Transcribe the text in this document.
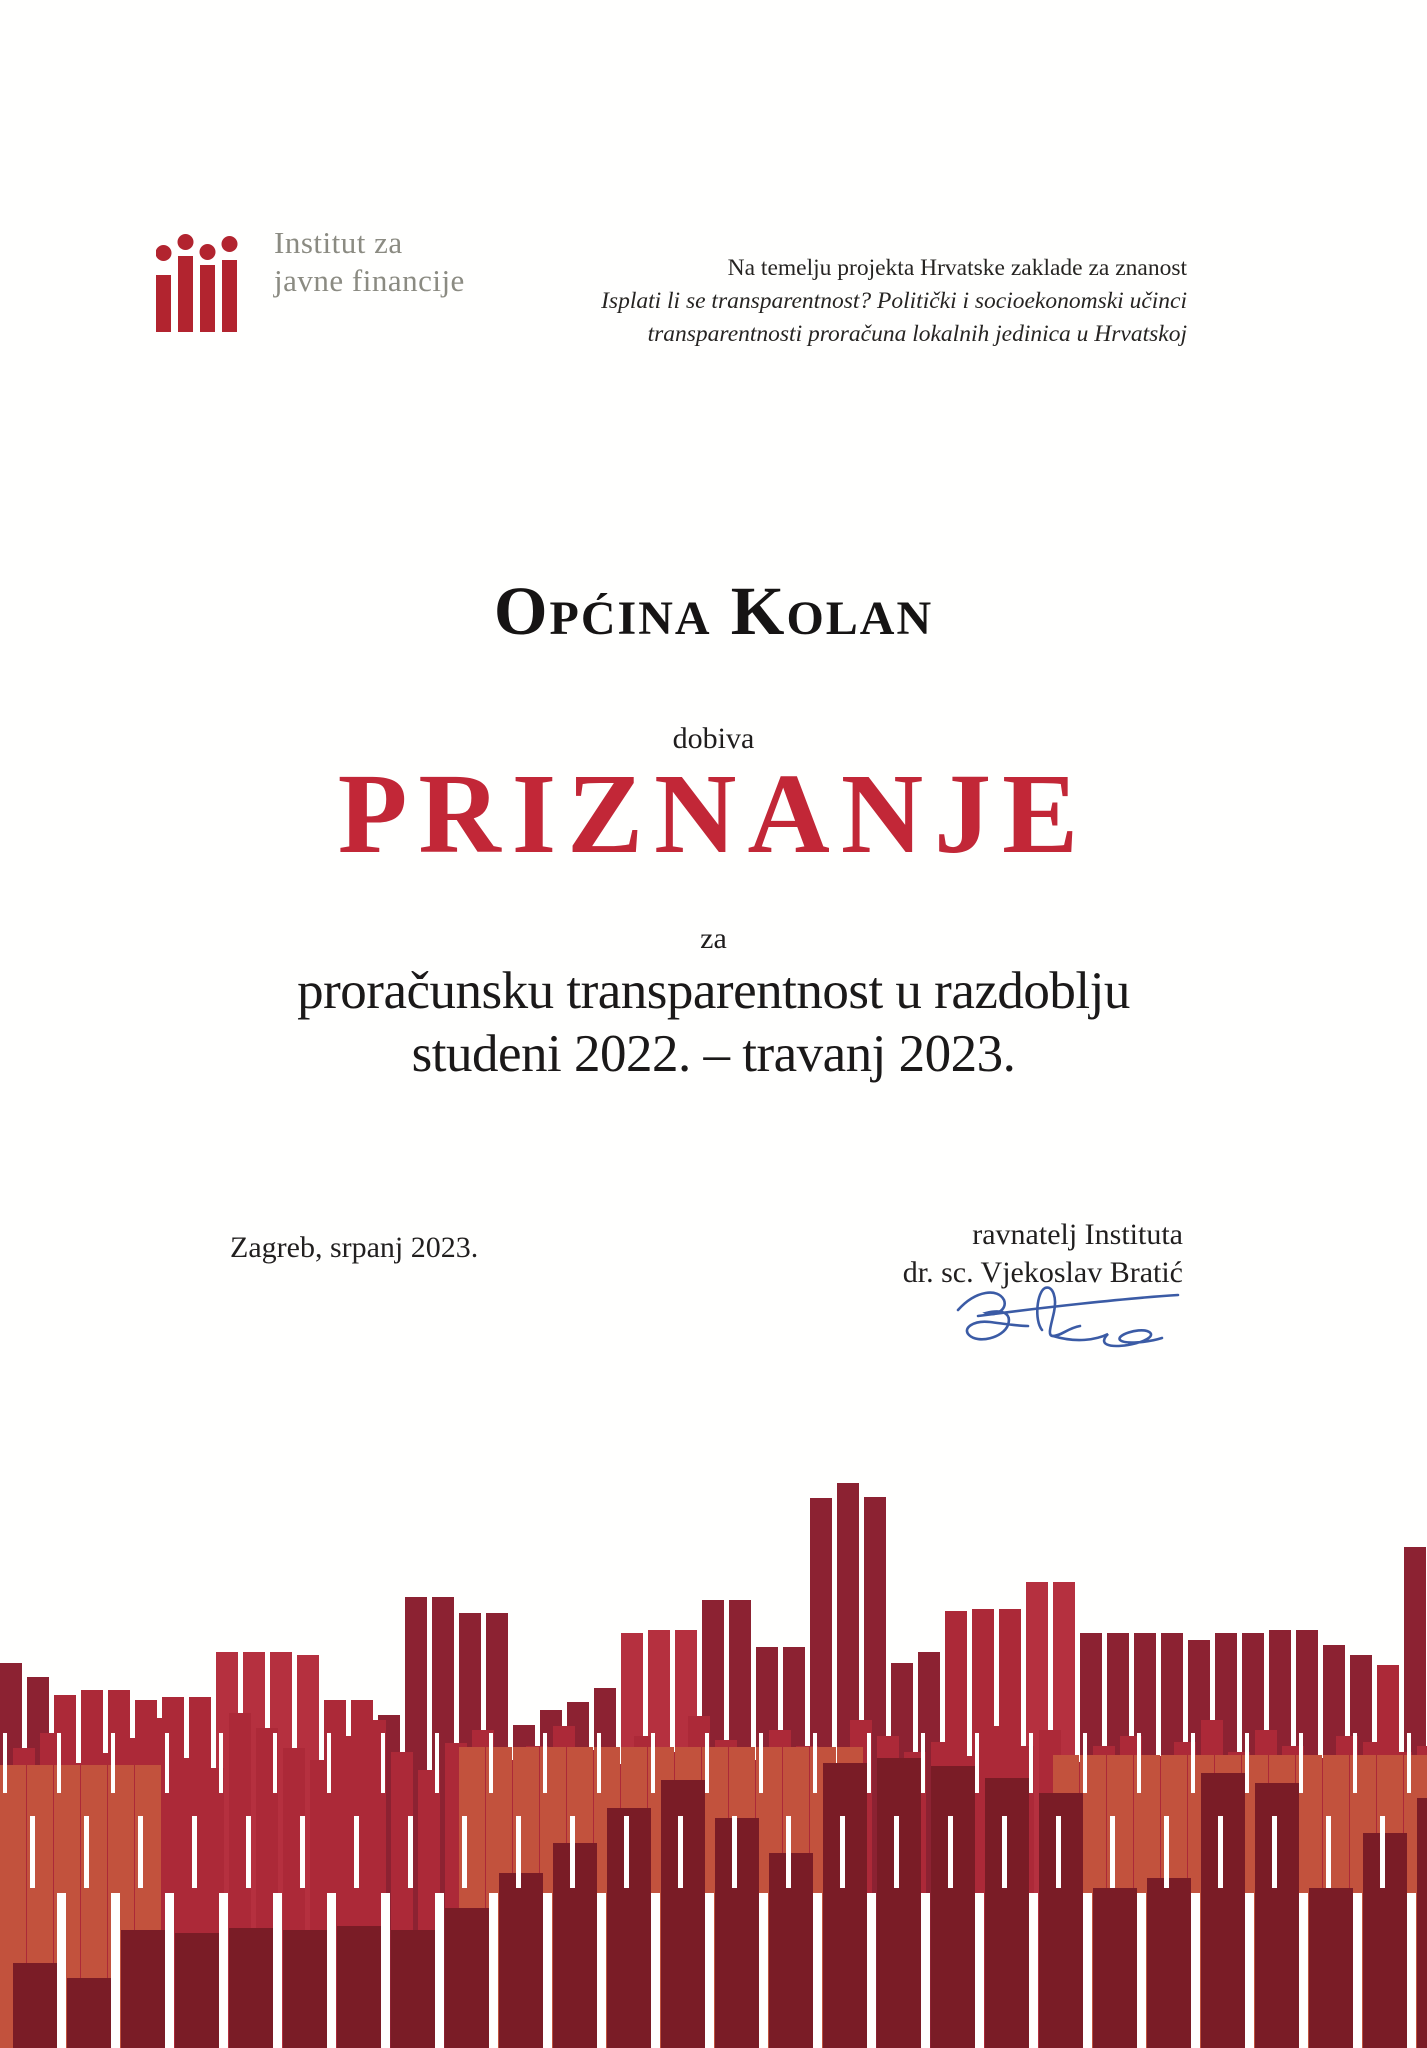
Institut za
javne financije	Na temelju projekta Hrvatske zaklade za znanost
Isplati li se transparentnost? Politički i socioekonomski učinci
transparentnosti proračuna lokalnih jedinica u Hrvatskoj
Općina Kolan
dobiva
PRIZNANJE
za
proračunsku transparentnost u razdoblju
studeni 2022. – travanj 2023.
Zagreb, srpanj 2023.	ravnatelj Instituta
dr. sc. Vjekoslav Bratić
